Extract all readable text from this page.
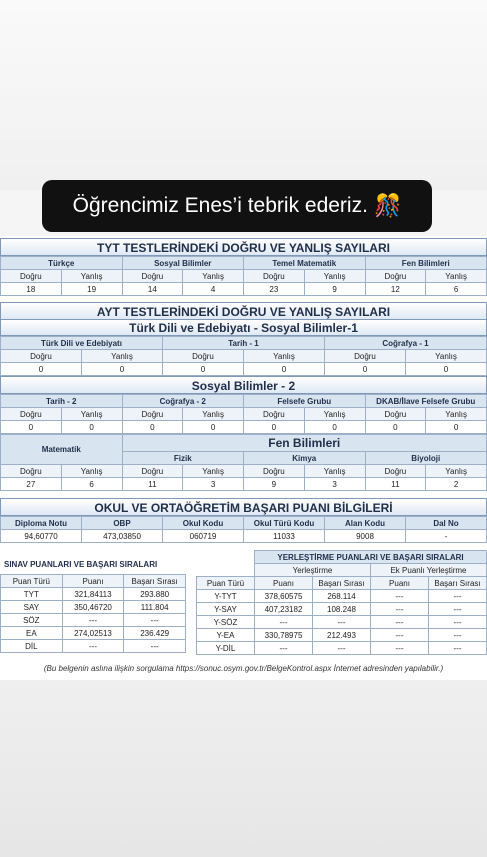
Öğrencimiz Enes’i tebrik ederiz. 🎊
TYT TESTLERİNDEKİ DOĞRU VE YANLIŞ SAYILARI
Türkçe		Sosyal Bilimler		Temel Matematik		Fen Bilimleri	
Doğru	Yanlış	Doğru	Yanlış	Doğru	Yanlış	Doğru	Yanlış
18	19	14	4	23	9	12	6
AYT TESTLERİNDEKİ DOĞRU VE YANLIŞ SAYILARI
Türk Dili ve Edebiyatı - Sosyal Bilimler-1
Türk Dili ve Edebiyatı		Tarih - 1		Coğrafya - 1	
Doğru	Yanlış	Doğru	Yanlış	Doğru	Yanlış
0	0	0	0	0	0
Sosyal Bilimler - 2
Tarih - 2		Coğrafya - 2		Felsefe Grubu		DKAB/İlave Felsefe Grubu	
Doğru	Yanlış	Doğru	Yanlış	Doğru	Yanlış	Doğru	Yanlış
0	0	0	0	0	0	0	0
Matematik		Fen Bilimleri					
		Fizik		Kimya		Biyoloji	
Doğru	Yanlış	Doğru	Yanlış	Doğru	Yanlış	Doğru	Yanlış
27	6	11	3	9	3	11	2
OKUL VE ORTAÖĞRETİM BAŞARI PUANI BİLGİLERİ
Diploma Notu	OBP	Okul Kodu	Okul Türü Kodu	Alan Kodu	Dal No
94,60770	473,03850	060719	11033	9008	-
SINAV PUANLARI VE BAŞARI SIRALARI
Puan Türü	Puanı	Başarı Sırası
TYT	321,84113	293.880
SAY	350,46720	111.804
SÖZ	---	---
EA	274,02513	236.429
DİL	---	---
	YERLEŞTİRME PUANLARI VE BAŞARI SIRALARI			
	Yerleştirme		Ek Puanlı Yerleştirme	
Puan Türü	Puanı	Başarı Sırası	Puanı	Başarı Sırası
Y-TYT	378,60575	268.114	---	---
Y-SAY	407,23182	108.248	---	---
Y-SÖZ	---	---	---	---
Y-EA	330,78975	212.493	---	---
Y-DİL	---	---	---	---
(Bu belgenin aslına ilişkin sorgulama https://sonuc.osym.gov.tr/BelgeKontrol.aspx İnternet adresinden yapılabilir.)
